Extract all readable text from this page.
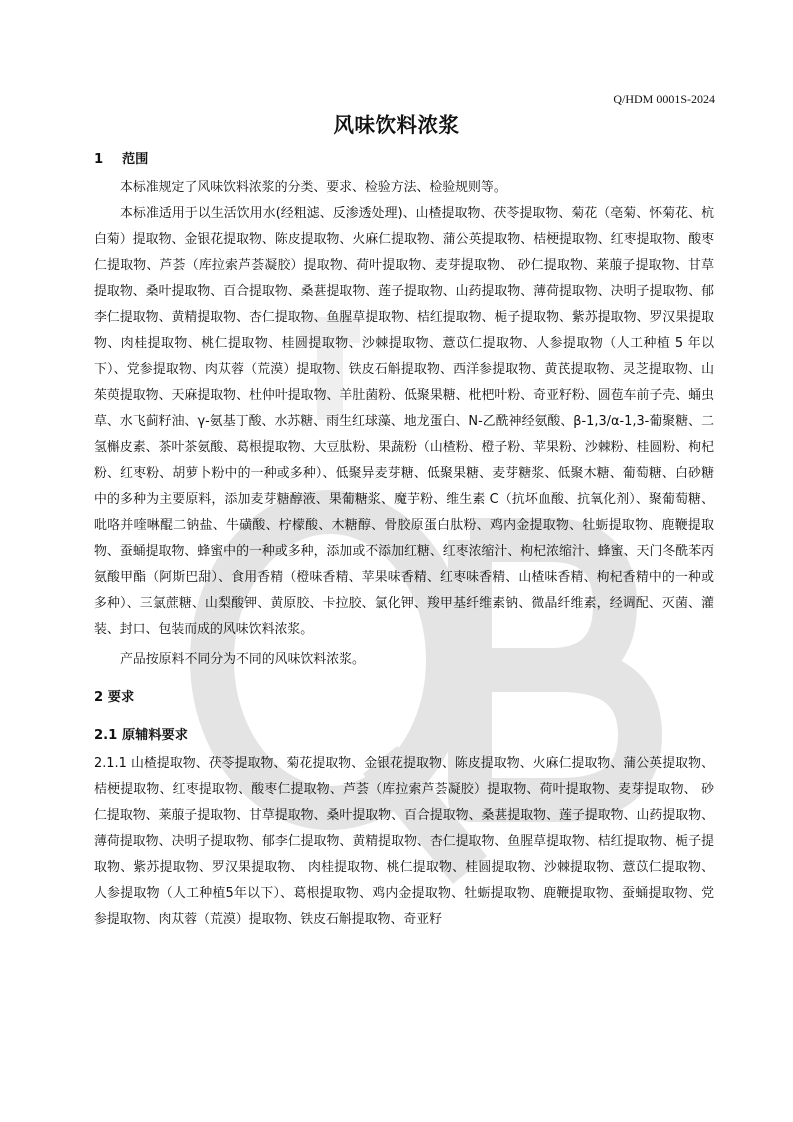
Q/HDM 0001S-2024
风味饮料浓浆
1 范围

本标准规定了风味饮料浓浆的分类、要求、检验方法、检验规则等。

本标准适用于以生活饮用水(经粗滤、反渗透处理)、山楂提取物、茯苓提取物、菊花（亳菊、怀菊花、杭白菊）提取物、金银花提取物、陈皮提取物、火麻仁提取物、蒲公英提取物、桔梗提取物、红枣提取物、酸枣仁提取物、芦荟（库拉索芦荟凝胶）提取物、荷叶提取物、麦芽提取物、 砂仁提取物、莱菔子提取物、甘草提取物、桑叶提取物、百合提取物、桑葚提取物、莲子提取物、山药提取物、薄荷提取物、决明子提取物、郁李仁提取物、黄精提取物、杏仁提取物、鱼腥草提取物、桔红提取物、栀子提取物、紫苏提取物、罗汉果提取物、肉桂提取物、桃仁提取物、桂圆提取物、沙棘提取物、薏苡仁提取物、人参提取物（人工种植 5 年以下）、党参提取物、肉苁蓉（荒漠）提取物、铁皮石斛提取物、西洋参提取物、黄芪提取物、灵芝提取物、山茱萸提取物、天麻提取物、杜仲叶提取物、羊肚菌粉、低聚果糖、枇杷叶粉、奇亚籽粉、圆苞车前子壳、蛹虫草、水飞蓟籽油、γ-氨基丁酸、水苏糖、雨生红球藻、地龙蛋白、N-乙酰神经氨酸、β-1,3/α-1,3-葡聚糖、二氢槲皮素、茶叶茶氨酸、葛根提取物、大豆肽粉、果蔬粉（山楂粉、橙子粉、苹果粉、沙棘粉、桂圆粉、枸杞粉、红枣粉、胡萝卜粉中的一种或多种）、低聚异麦芽糖、低聚果糖、麦芽糖浆、低聚木糖、葡萄糖、白砂糖中的多种为主要原料，添加麦芽糖醇液、果葡糖浆、魔芋粉、维生素 C（抗坏血酸、抗氧化剂）、聚葡萄糖、吡咯并喹啉醌二钠盐、牛磺酸、柠檬酸、木糖醇、骨胶原蛋白肽粉、鸡内金提取物、牡蛎提取物、鹿鞭提取物、蚕蛹提取物、蜂蜜中的一种或多种，添加或不添加红糖、红枣浓缩汁、枸杞浓缩汁、蜂蜜、天门冬酰苯丙氨酸甲酯（阿斯巴甜）、食用香精（橙味香精、苹果味香精、红枣味香精、山楂味香精、枸杞香精中的一种或多种）、三氯蔗糖、山梨酸钾、黄原胶、卡拉胶、氯化钾、羧甲基纤维素钠、微晶纤维素，经调配、灭菌、灌装、封口、包装而成的风味饮料浓浆。

产品按原料不同分为不同的风味饮料浓浆。

2 要求
2.1 原辅料要求

2.1.1 山楂提取物、茯苓提取物、菊花提取物、金银花提取物、陈皮提取物、火麻仁提取物、蒲公英提取物、桔梗提取物、红枣提取物、酸枣仁提取物、芦荟（库拉索芦荟凝胶）提取物、荷叶提取物、麦芽提取物、 砂仁提取物、莱菔子提取物、甘草提取物、桑叶提取物、百合提取物、桑葚提取物、莲子提取物、山药提取物、薄荷提取物、决明子提取物、郁李仁提取物、黄精提取物、杏仁提取物、鱼腥草提取物、桔红提取物、栀子提取物、紫苏提取物、罗汉果提取物、 肉桂提取物、桃仁提取物、桂圆提取物、沙棘提取物、薏苡仁提取物、人参提取物（人工种植5年以下）、葛根提取物、鸡内金提取物、牡蛎提取物、鹿鞭提取物、蚕蛹提取物、党参提取物、肉苁蓉（荒漠）提取物、铁皮石斛提取物、奇亚籽
